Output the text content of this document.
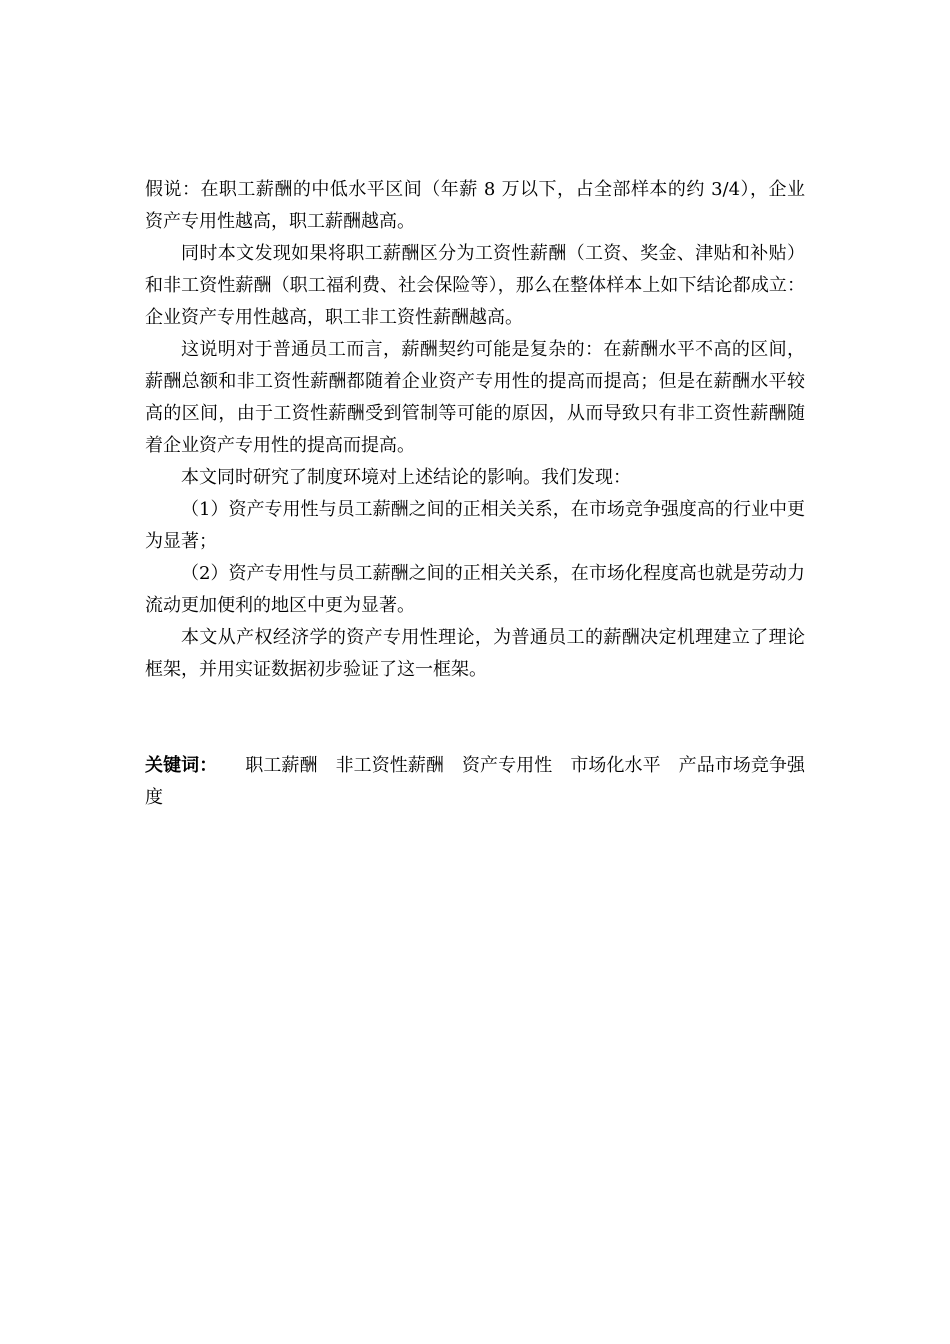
假说：在职工薪酬的中低水平区间（年薪 8 万以下，占全部样本的约 3/4），企业资产专用性越高，职工薪酬越高。

同时本文发现如果将职工薪酬区分为工资性薪酬（工资、奖金、津贴和补贴）和非工资性薪酬（职工福利费、社会保险等），那么在整体样本上如下结论都成立：企业资产专用性越高，职工非工资性薪酬越高。

这说明对于普通员工而言，薪酬契约可能是复杂的：在薪酬水平不高的区间，薪酬总额和非工资性薪酬都随着企业资产专用性的提高而提高；但是在薪酬水平较高的区间，由于工资性薪酬受到管制等可能的原因，从而导致只有非工资性薪酬随着企业资产专用性的提高而提高。

本文同时研究了制度环境对上述结论的影响。我们发现：

（1）资产专用性与员工薪酬之间的正相关关系，在市场竞争强度高的行业中更为显著；

（2）资产专用性与员工薪酬之间的正相关关系，在市场化程度高也就是劳动力流动更加便利的地区中更为显著。

本文从产权经济学的资产专用性理论，为普通员工的薪酬决定机理建立了理论框架，并用实证数据初步验证了这一框架。

关键词： 职工薪酬 非工资性薪酬 资产专用性 市场化水平 产品市场竞争强度
